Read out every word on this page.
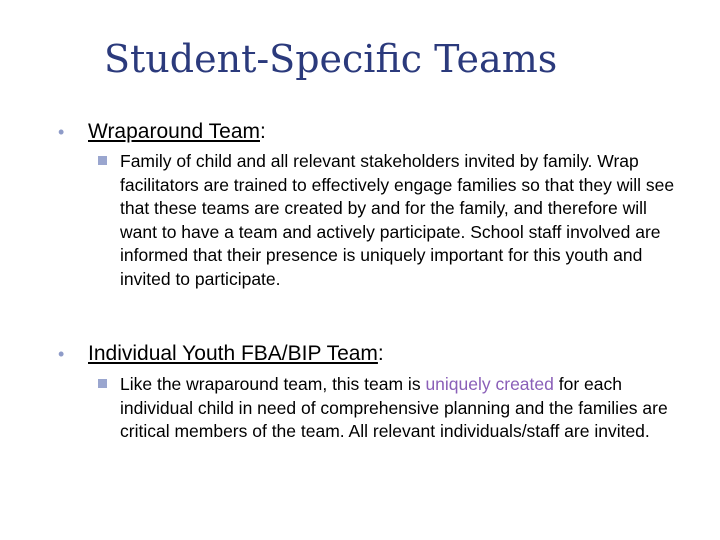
Student-Specific Teams
• Wraparound Team:
Family of child and all relevant stakeholders invited by family. Wrap facilitators are trained to effectively engage families so that they will see that these teams are created by and for the family, and therefore will want to have a team and actively participate. School staff involved are informed that their presence is uniquely important for this youth and invited to participate.
• Individual Youth FBA/BIP Team:
Like the wraparound team, this team is uniquely created for each individual child in need of comprehensive planning and the families are critical members of the team. All relevant individuals/staff are invited.
